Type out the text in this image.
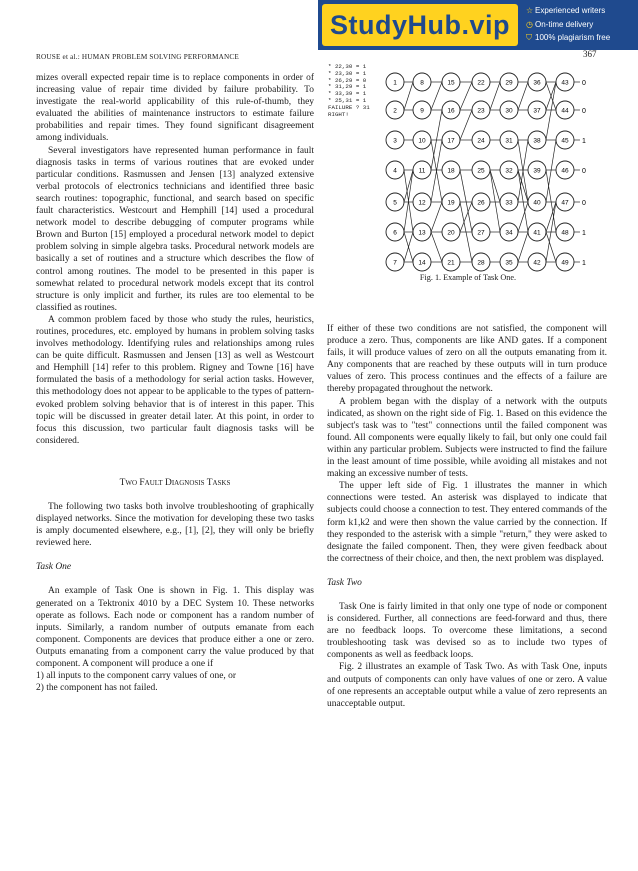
StudyHub.vip	☆ Experienced writers
◷ On-time delivery
⛉ 100% plagiarism free
ROUSE et al.: HUMAN PROBLEM SOLVING PERFORMANCE	367

mizes overall expected repair time is to replace components in order of increasing value of repair time divided by failure probability. To investigate the real-world applicability of this rule-of-thumb, they evaluated the abilities of maintenance instructors to estimate failure probabilities and repair times. They found significant disagreement among individuals.

Several investigators have represented human performance in fault diagnosis tasks in terms of various routines that are evoked under particular conditions. Rasmussen and Jensen [13] analyzed extensive verbal protocols of electronics technicians and identified three basic search routines: topographic, functional, and search based on specific fault characteristics. Westcourt and Hemphill [14] used a procedural network model to describe debugging of computer programs while Brown and Burton [15] employed a procedural network model to depict problem solving in simple algebra tasks. Procedural network models are basically a set of routines and a structure which describes the flow of control among routines. The model to be presented in this paper is somewhat related to procedural network models except that its control structure is only implicit and further, its rules are too elemental to be classified as routines.

A common problem faced by those who study the rules, heuristics, routines, procedures, etc. employed by humans in problem solving tasks involves methodology. Identifying rules and relationships among rules can be quite difficult. Rasmussen and Jensen [13] as well as Westcourt and Hemphill [14] refer to this problem. Rigney and Towne [16] have formulated the basis of a methodology for serial action tasks. However, this methodology does not appear to be applicable to the types of pattern-evoked problem solving behavior that is of interest in this paper. This topic will be discussed in greater detail later. At this point, in order to focus this discussion, two particular fault diagnosis tasks will be considered.

Two Fault Diagnosis Tasks

The following two tasks both involve troubleshooting of graphically displayed networks. Since the motivation for developing these two tasks is amply documented elsewhere, e.g., [1], [2], they will only be briefly reviewed here.

Task One

An example of Task One is shown in Fig. 1. This display was generated on a Tektronix 4010 by a DEC System 10. These networks operate as follows. Each node or component has a random number of inputs. Similarly, a random number of outputs emanate from each component. Components are devices that produce either a one or zero. Outputs emanating from a component carry the value produced by that component. A component will produce a one if

1) all inputs to the component carry values of one, or

2) the component has not failed.

If either of these two conditions are not satisfied, the component will produce a zero. Thus, components are like AND gates. If a component fails, it will produce values of zero on all the outputs emanating from it. Any components that are reached by these outputs will in turn produce values of zero. This process continues and the effects of a failure are thereby propagated throughout the network.

A problem began with the display of a network with the outputs indicated, as shown on the right side of Fig. 1. Based on this evidence the subject's task was to "test" connections until the failed component was found. All components were equally likely to fail, but only one could fail within any particular problem. Subjects were instructed to find the failure in the least amount of time possible, while avoiding all mistakes and not making an excessive number of tests.

The upper left side of Fig. 1 illustrates the manner in which connections were tested. An asterisk was displayed to indicate that subjects could choose a connection to test. They entered commands of the form k1,k2 and were then shown the value carried by the connection. If they responded to the asterisk with a simple "return," they were asked to designate the failed component. Then, they were given feedback about the correctness of their choice, and then, the next problem was displayed.

Task Two

Task One is fairly limited in that only one type of node or component is considered. Further, all connections are feed-forward and thus, there are no feedback loops. To overcome these limitations, a second troubleshooting task was devised so as to include two types of components as well as feedback loops.

Fig. 2 illustrates an example of Task Two. As with Task One, inputs and outputs of components can only have values of one or zero. A value of one represents an acceptable output while a value of zero represents an unacceptable output.

0
0
1
0
0
1
1
1
2
3
4
5
6
7
8
9
10
11
12
13
14
15
16
17
18
19
20
21
22
23
24
25
26
27
28
29
30
31
32
33
34
35
36
37
38
39
40
41
42
43
44
45
46
47
48
49
* 22,30 = 1
* 23,30 = 1
* 26,29 = 0
* 31,29 = 1
* 33,39 = 1
* 25,31 = 1
FAILURE ? 31
RIGHT!
Fig. 1. Example of Task One.
